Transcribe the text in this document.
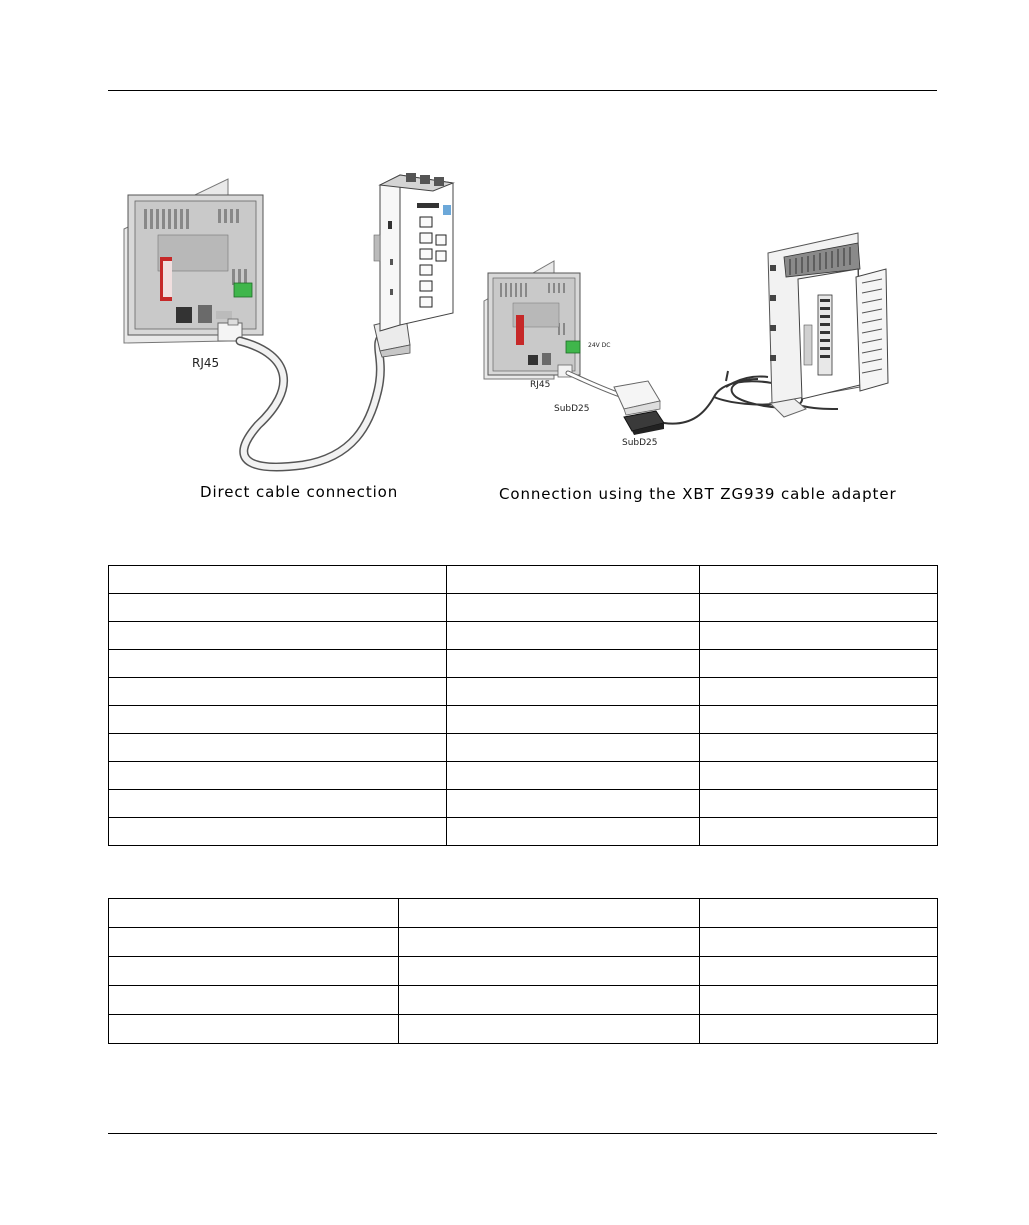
RJ45
24V DC
RJ45
SubD25
SubD25
Direct cable connection	Connection using the XBT ZG939 cable adapter
